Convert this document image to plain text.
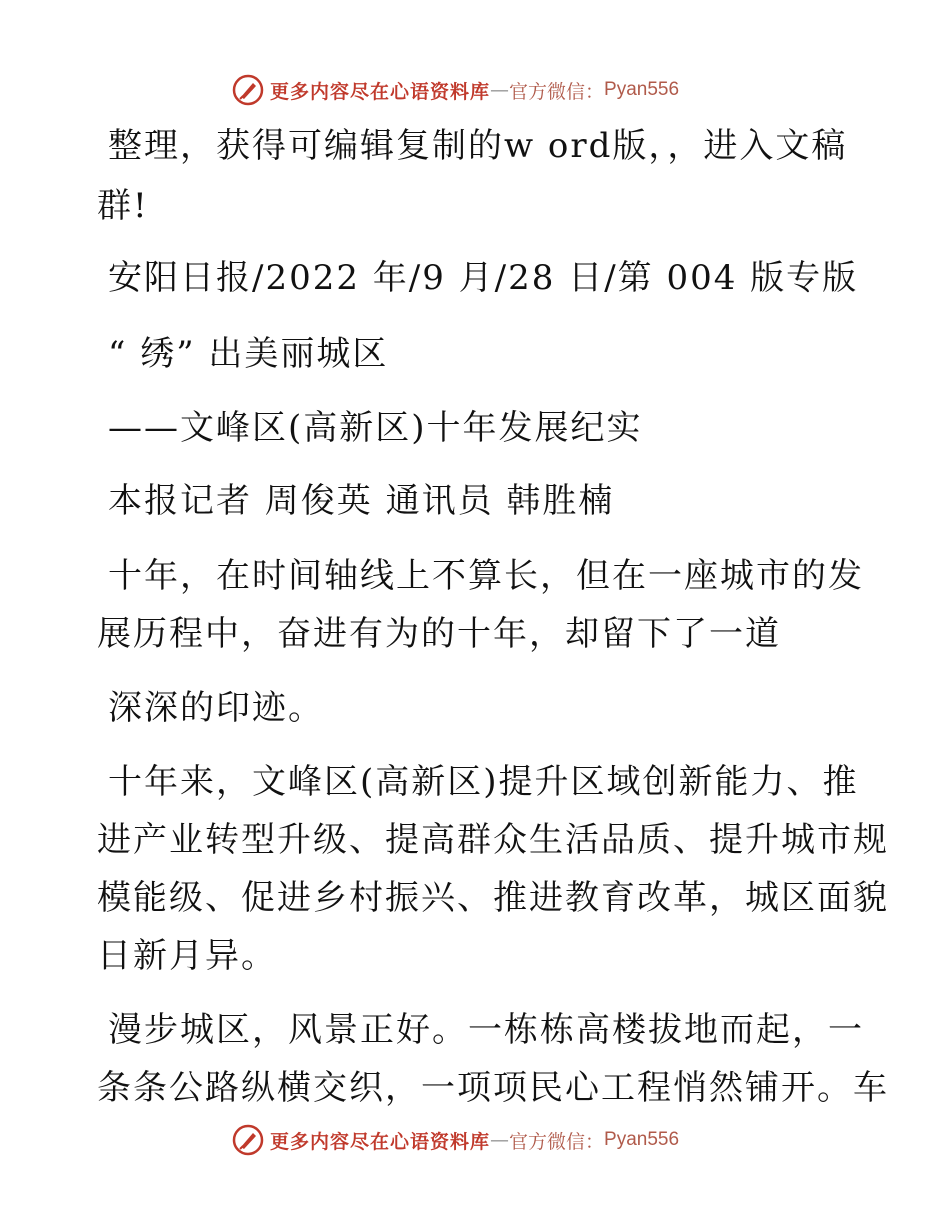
更多内容尽在心语资料库 — 官方微信： Pyan556
整理，获得可编辑复制的w ord版，，进入文稿
群!
安阳日报/2022 年/9 月/28 日/第 004 版专版
“ 绣” 出美丽城区
——文峰区(高新区)十年发展纪实
本报记者 周俊英 通讯员 韩胜楠
十年，在时间轴线上不算长，但在一座城市的发
展历程中，奋进有为的十年，却留下了一道
深深的印迹。
十年来，文峰区(高新区)提升区域创新能力、推
进产业转型升级、提高群众生活品质、提升城市规
模能级、促进乡村振兴、推进教育改革，城区面貌
日新月异。
漫步城区，风景正好。一栋栋高楼拔地而起，一
条条公路纵横交织，一项项民心工程悄然铺开。车
更多内容尽在心语资料库 — 官方微信： Pyan556
